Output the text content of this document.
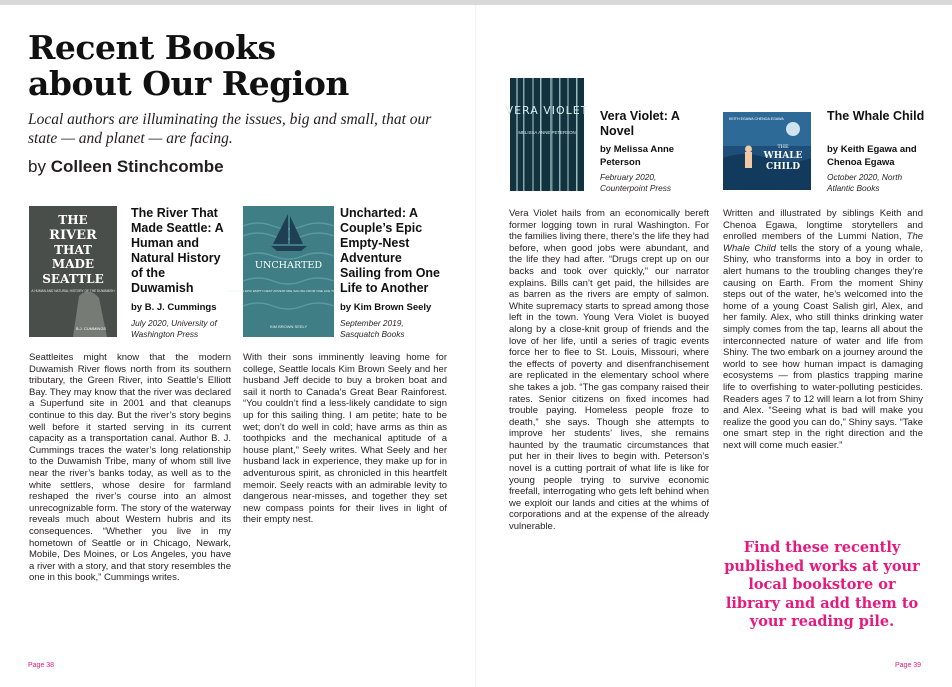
Recent Books
about Our Region

Local authors are illuminating the issues, big and small, that our state — and planet — are facing.

by Colleen Stinchcombe
THE
RIVER
THAT
MADE
SEATTLE
A HUMAN AND NATURAL HISTORY OF THE DUWAMISH
B.J. CUMMINGS
The River That Made Seattle: A Human and Natural History of the Duwamish
by B. J. Cummings
July 2020, University of Washington Press

Seattleites might know that the modern Duwamish River flows north from its southern tributary, the Green River, into Seattle’s Elliott Bay. They may know that the river was declared a Superfund site in 2001 and that cleanups continue to this day. But the river’s story begins well before it started serving in its current capacity as a transportation canal. Author B. J. Cummings traces the water’s long relationship to the Duwamish Tribe, many of whom still live near the river’s banks today, as well as to the white settlers, whose desire for farmland reshaped the river’s course into an almost unrecognizable form. The story of the waterway reveals much about Western hubris and its consequences. “Whether you live in my hometown of Seattle or in Chicago, Newark, Mobile, Des Moines, or Los Angeles, you have a river with a story, and that story resembles the one in this book,” Cummings writes.

UNCHARTED
A COUPLE’S EPIC EMPTY-NEST ADVENTURE SAILING FROM ONE LIFE TO ANOTHER
KIM BROWN SEELY
Uncharted: A Couple’s Epic Empty-Nest Adventure Sailing from One Life to Another
by Kim Brown Seely
September 2019, Sasquatch Books

With their sons imminently leaving home for college, Seattle locals Kim Brown Seely and her husband Jeff decide to buy a broken boat and sail it north to Canada’s Great Bear Rainforest. “You couldn’t find a less-likely candidate to sign up for this sailing thing. I am petite; hate to be wet; don’t do well in cold; have arms as thin as toothpicks and the mechanical aptitude of a house plant,” Seely writes. What Seely and her husband lack in experience, they make up for in adventurous spirit, as chronicled in this heartfelt memoir. Seely reacts with an admirable levity to dangerous near-misses, and together they set new compass points for their lives in light of their empty nest.

VERA VIOLET
MELISSA ANNE PETERSON
Vera Violet: A Novel
by Melissa Anne Peterson
February 2020, Counterpoint Press

Vera Violet hails from an economically bereft former logging town in rural Washington. For the families living there, there’s the life they had before, when good jobs were abundant, and the life they had after. “Drugs crept up on our backs and took over quickly,” our narrator explains. Bills can’t get paid, the hillsides are as barren as the rivers are empty of salmon. White supremacy starts to spread among those left in the town. Young Vera Violet is buoyed along by a close-knit group of friends and the love of her life, until a series of tragic events force her to flee to St. Louis, Missouri, where the effects of poverty and disenfranchisement are replicated in the elementary school where she takes a job. “The gas company raised their rates. Senior citizens on fixed incomes had trouble paying. Homeless people froze to death,” she says. Though she attempts to improve her students’ lives, she remains haunted by the traumatic circumstances that put her in their lives to begin with. Peterson’s novel is a cutting portrait of what life is like for young people trying to survive economic freefall, interrogating who gets left behind when we exploit our lands and cities at the whims of corporations and at the expense of the already vulnerable.

KEITH EGAWA CHENOA EGAWA
THE
WHALE
CHILD
The Whale Child
by Keith Egawa and Chenoa Egawa
October 2020, North Atlantic Books

Written and illustrated by siblings Keith and Chenoa Egawa, longtime storytellers and enrolled members of the Lummi Nation, The Whale Child tells the story of a young whale, Shiny, who transforms into a boy in order to alert humans to the troubling changes they’re causing on Earth. From the moment Shiny steps out of the water, he’s welcomed into the home of a young Coast Salish girl, Alex, and her family. Alex, who still thinks drinking water simply comes from the tap, learns all about the interconnected nature of water and life from Shiny. The two embark on a journey around the world to see how human impact is damaging ecosystems — from plastics trapping marine life to overfishing to water-polluting pesticides. Readers ages 7 to 12 will learn a lot from Shiny and Alex. “Seeing what is bad will make you realize the good you can do,” Shiny says. “Take one smart step in the right direction and the next will come much easier.”

Find these recently published works at your local bookstore or library and add them to your reading pile.

Page 38	Page 39
